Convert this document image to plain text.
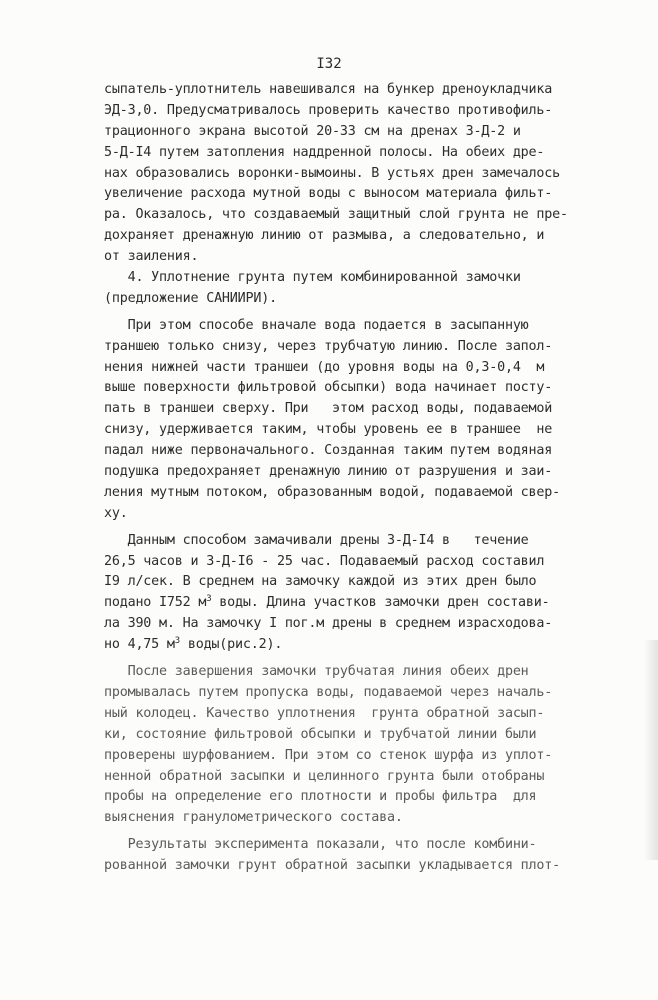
I32
сыпатель-уплотнитель навешивался на бункер дреноукладчика
ЭД-3,0. Предусматривалось проверить качество противофиль-
трационного экрана высотой 20-33 см на дренах 3-Д-2 и
5-Д-I4 путем затопления наддренной полосы. На обеих дре-
нах образовались воронки-вымоины. В устьях дрен замечалось
увеличение расхода мутной воды с выносом материала фильт-
ра. Оказалось, что создаваемый защитный слой грунта не пре-
дохраняет дренажную линию от размыва, а следовательно, и
от заиления.
4. Уплотнение грунта путем комбинированной замочки
(предложение САНИИРИ).
При этом способе вначале вода подается в засыпанную
траншею только снизу, через трубчатую линию. После запол-
нения нижней части траншеи (до уровня воды на 0,3-0,4  м
выше поверхности фильтровой обсыпки) вода начинает посту-
пать в траншеи сверху. При   этом расход воды, подаваемой
снизу, удерживается таким, чтобы уровень ее в траншее  не
падал ниже первоначального. Созданная таким путем водяная
подушка предохраняет дренажную линию от разрушения и заи-
ления мутным потоком, образованным водой, подаваемой свер-
ху.
Данным способом замачивали дрены 3-Д-I4 в   течение
26,5 часов и 3-Д-I6 - 25 час. Подаваемый расход составил
I9 л/сек. В среднем на замочку каждой из этих дрен было
подано I752 $м^3$ воды. Длина участков замочки дрен состави-
ла 390 м. На замочку I пог.м дрены в среднем израсходова-
но 4,75 $м^3$ воды(рис.2).
После завершения замочки трубчатая линия обеих дрен
промывалась путем пропуска воды, подаваемой через началь-
ный колодец. Качество уплотнения  грунта обратной засып-
ки, состояние фильтровой обсыпки и трубчатой линии были
проверены шурфованием. При этом со стенок шурфа из уплот-
ненной обратной засыпки и целинного грунта были отобраны
пробы на определение его плотности и пробы фильтра  для
выяснения гранулометрического состава.
Результаты эксперимента показали, что после комбини-
рованной замочки грунт обратной засыпки укладывается плот-
